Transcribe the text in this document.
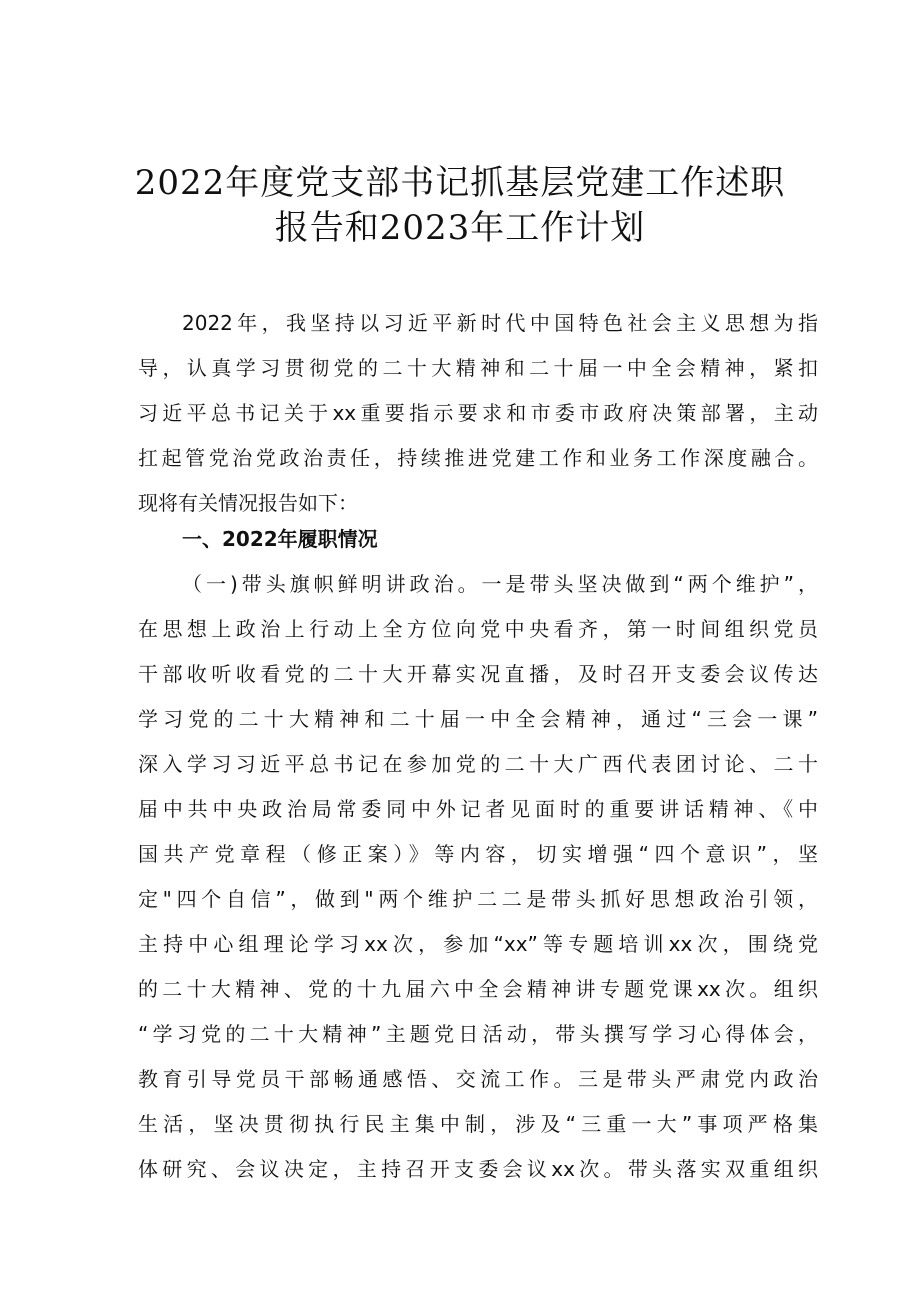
2022年度党支部书记抓基层党建工作述职
报告和2023年工作计划
2022年，我坚持以习近平新时代中国特色社会主义思想为指
导，认真学习贯彻党的二十大精神和二十届一中全会精神，紧扣
习近平总书记关于xx重要指示要求和市委市政府决策部署，主动
扛起管党治党政治责任，持续推进党建工作和业务工作深度融合。
现将有关情况报告如下：
一、2022年履职情况
（一)带头旗帜鲜明讲政治。一是带头坚决做到“两个维护”，
在思想上政治上行动上全方位向党中央看齐，第一时间组织党员
干部收听收看党的二十大开幕实况直播，及时召开支委会议传达
学习党的二十大精神和二十届一中全会精神，通过“三会一课”
深入学习习近平总书记在参加党的二十大广西代表团讨论、二十
届中共中央政治局常委同中外记者见面时的重要讲话精神、《中
国共产党章程（修正案）》等内容，切实增强“四个意识”，坚
定"四个自信”，做到"两个维护二二是带头抓好思想政治引领，
主持中心组理论学习xx次，参加“xx”等专题培训xx次，围绕党
的二十大精神、党的十九届六中全会精神讲专题党课xx次。组织
“学习党的二十大精神”主题党日活动，带头撰写学习心得体会，
教育引导党员干部畅通感悟、交流工作。三是带头严肃党内政治
生活，坚决贯彻执行民主集中制，涉及“三重一大”事项严格集
体研究、会议决定，主持召开支委会议xx次。带头落实双重组织
